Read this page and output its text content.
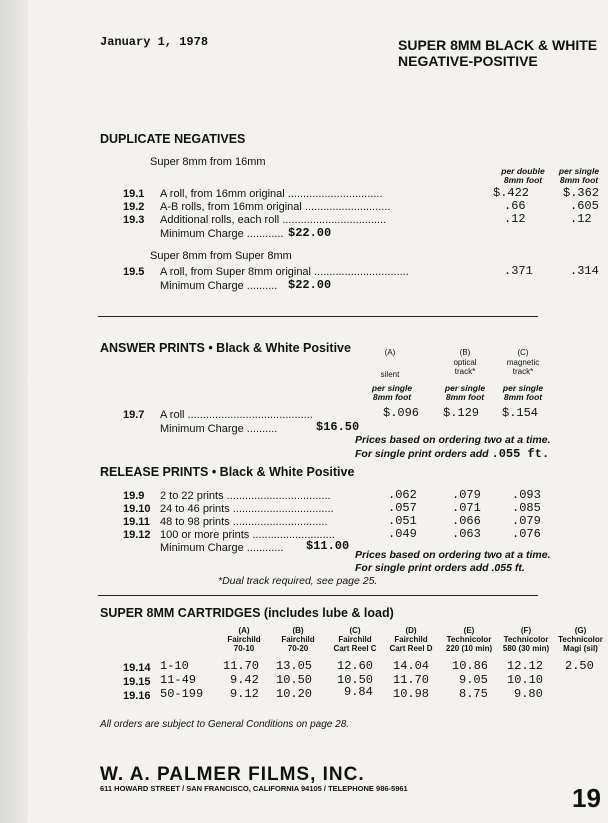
January 1, 1978	SUPER 8MM BLACK & WHITE
NEGATIVE-POSITIVE
DUPLICATE NEGATIVES
Super 8mm from 16mm
per double
8mm foot
per single
8mm foot
19.1 A roll, from 16mm original ...............................	$.422	$.362
19.2 A-B rolls, from 16mm original ............................	.66	.605
19.3 Additional rolls, each roll ..................................	.12	.12
Minimum Charge ............ $22.00
Super 8mm from Super 8mm
19.5 A roll, from Super 8mm original ...............................	.371	.314
Minimum Charge .......... $22.00
ANSWER PRINTS • Black & White Positive	(A)
silent
per single
8mm foot
(B)
optical
track*
per single
8mm foot
(C)
magnetic
track*
per single
8mm foot
19.7 A roll .........................................	$.096 $.129 $.154
Minimum Charge ..........	$16.50
Prices based on ordering two at a time.
For single print orders add .055 ft.
RELEASE PRINTS • Black & White Positive
19.9 2 to 22 prints ..................................	.062	.079	.093
19.10 24 to 46 prints .................................	.057	.071	.085
19.11 48 to 98 prints ...............................	.051	.066	.079
19.12 100 or more prints ...........................	.049	.063	.076
Minimum Charge ............ $11.00
Prices based on ordering two at a time.
For single print orders add .055 ft.
*Dual track required, see page 25.
SUPER 8MM CARTRIDGES (includes lube & load)
(A)
Fairchild
70-10
(B)
Fairchild
70-20
(C)
Fairchild
Cart Reel C
(D)
Fairchild
Cart Reel D
(E)
Technicolor
220 (10 min)
(F)
Technicolor
580 (30 min)
(G)
Technicolor
Magi (sil)
19.14 1-10	11.70 13.05 12.60 14.04 10.86 12.12 2.50
19.15 11-49	9.42 10.50 10.50 11.70 9.05 10.10
19.16 50-199 9.12 10.20	9.84 10.98 8.75 9.80
All orders are subject to General Conditions on page 28.
W. A. PALMER FILMS, INC.
611 HOWARD STREET / SAN FRANCISCO, CALIFORNIA 94105 / TELEPHONE 986-5961	19
